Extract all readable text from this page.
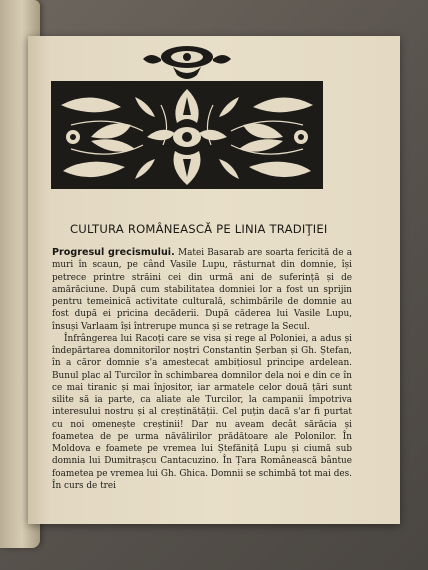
CULTURA ROMÂNEASCĂ PE LINIA TRADIŢIEI

Progresul grecismului. Matei Basarab are soarta fericită de a muri în scaun, pe când Vasile Lupu, răsturnat din domnie, își petrece printre străini cei din urmă ani de suferință și de amărăciune. După cum stabilitatea domniei lor a fost un sprijin pentru temeinică activitate culturală, schimbările de domnie au fost după ei pricina decăderii. După căderea lui Vasile Lupu, însuși Varlaam își întrerupe munca și se retrage la Secul.

Înfrângerea lui Racoți care se visa și rege al Poloniei, a adus și îndepărtarea domnitorilor noștri Constantin Șerban și Gh. Ștefan, în a căror domnie s'a amestecat ambițiosul principe ardelean. Bunul plac al Turcilor în schimbarea domnilor dela noi e din ce în ce mai tiranic și mai înjositor, iar armatele celor două țări sunt silite să ia parte, ca aliate ale Turcilor, la campanii împotriva interesului nostru și al creștinătății. Cel puțin dacă s'ar fi purtat cu noi omenește creștinii! Dar nu aveam decât sărăcia și foametea de pe urma năvălirilor prădătoare ale Polonilor. În Moldova e foamete pe vremea lui Ștefăniță Lupu și ciumă sub domnia lui Dumitrașcu Cantacuzino. În Țara Românească bântue foametea pe vremea lui Gh. Ghica. Domnii se schimbă tot mai des. În curs de trei
